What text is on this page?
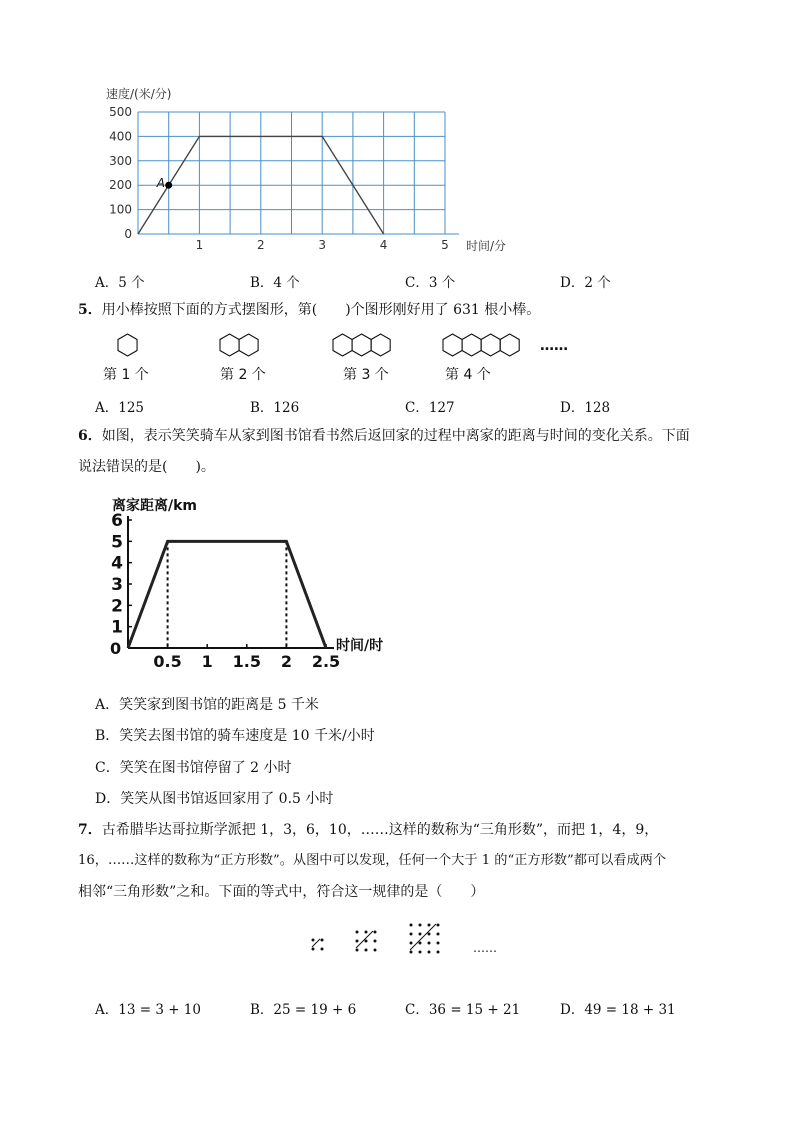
速度/(米/分)
0
100
200
300
400
500
1	2	3	4	5
A
时间/分
A．5 个	B．4 个	C．3 个	D．2 个
5．用小棒按照下面的方式摆图形，第(　　)个图形刚好用了 631 根小棒。
……
第 1 个	第 2 个	第 3 个	第 4 个
A．125	B．126	C．127	D．128
6．如图，表示笑笑骑车从家到图书馆看书然后返回家的过程中离家的距离与时间的变化关系。下面
说法错误的是(　　)。
离家距离/km
1
2
3
4
5
6
0.5 1 1.5 2 2.5
0	时间/时
A．笑笑家到图书馆的距离是 5 千米
B．笑笑去图书馆的骑车速度是 10 千米/小时
C．笑笑在图书馆停留了 2 小时
D．笑笑从图书馆返回家用了 0.5 小时
7．古希腊毕达哥拉斯学派把 1，3，6，10，……这样的数称为“三角形数”，而把 1，4，9，
16，……这样的数称为“正方形数”。从图中可以发现，任何一个大于 1 的“正方形数”都可以看成两个
相邻“三角形数”之和。下面的等式中，符合这一规律的是（　　）
……
A．13 = 3 + 10	B．25 = 19 + 6	C．36 = 15 + 21	D．49 = 18 + 31
